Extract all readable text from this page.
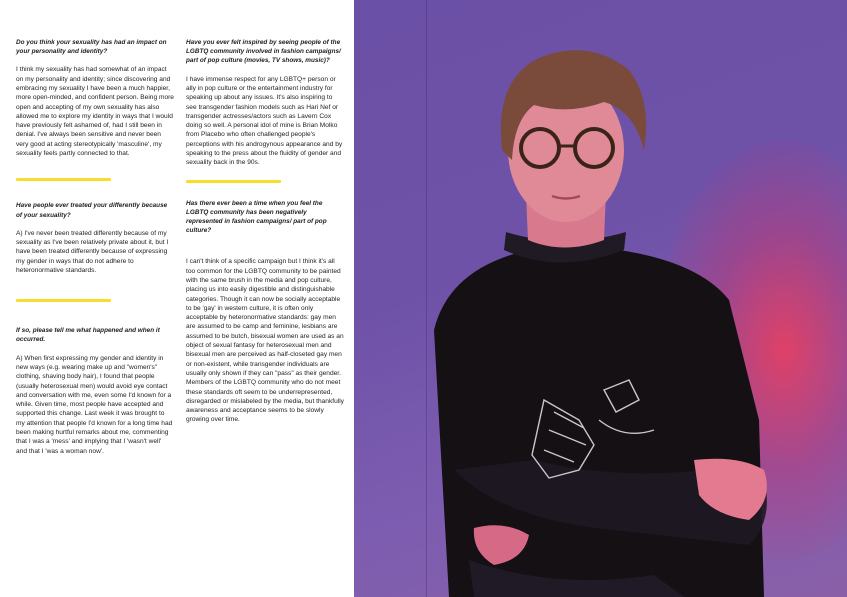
Do you think your sexuality has had an impact on your personality and identity?

I think my sexuality has had somewhat of an impact on my personality and identity; since discovering and embracing my sexuality I have been a much happier, more open-minded, and confident person. Being more open and accepting of my own sexuality has also allowed me to explore my identity in ways that I would have previously felt ashamed of, had I still been in denial. I've always been sensitive and never been very good at acting stereotypically 'masculine', my sexuality feels partly connected to that.

Have people ever treated your differently because of your sexuality?

A) I've never been treated differently because of my sexuality as I've been relatively private about it, but I have been treated differently because of expressing my gender in ways that do not adhere to heteronormative standards.

If so, please tell me what happened and when it occurred.

A) When first expressing my gender and identity in new ways (e.g. wearing make up and "women's" clothing, shaving body hair), I found that people (usually heterosexual men) would avoid eye contact and conversation with me, even some I'd known for a while. Given time, most people have accepted and supported this change. Last week it was brought to my attention that people I'd known for a long time had been making hurtful remarks about me, commenting that I was a 'mess' and implying that I 'wasn't well' and that I 'was a woman now'.

Have you ever felt inspired by seeing people of the LGBTQ community involved in fashion campaigns/ part of pop culture (movies, TV shows, music)?

I have immense respect for any LGBTQ+ person or ally in pop culture or the entertainment industry for speaking up about any issues. It's also inspiring to see transgender fashion models such as Hari Nef or transgender actresses/actors such as Lavern Cox doing so well. A personal idol of mine is Brian Molko from Placebo who often challenged people's perceptions with his androgynous appearance and by speaking to the press about the fluidity of gender and sexuality back in the 90s.

Has there ever been a time when you feel the LGBTQ community has been negatively represented in fashion campaigns/ part of pop culture?

I can't think of a specific campaign but I think it's all too common for the LGBTQ community to be painted with the same brush in the media and pop culture, placing us into easily digestible and distinguishable categories. Though it can now be socially acceptable to be 'gay' in western culture, it is often only acceptable by heteronormative standards: gay men are assumed to be camp and feminine, lesbians are assumed to be butch, bisexual women are used as an object of sexual fantasy for heterosexual men and bisexual men are perceived as half-closeted gay men or non-existent, while transgender individuals are usually only shown if they can "pass" as their gender. Members of the LGBTQ community who do not meet these standards oft seem to be underrepresented, disregarded or mislabeled by the media, but thankfully awareness and acceptance seems to be slowly growing over time.
